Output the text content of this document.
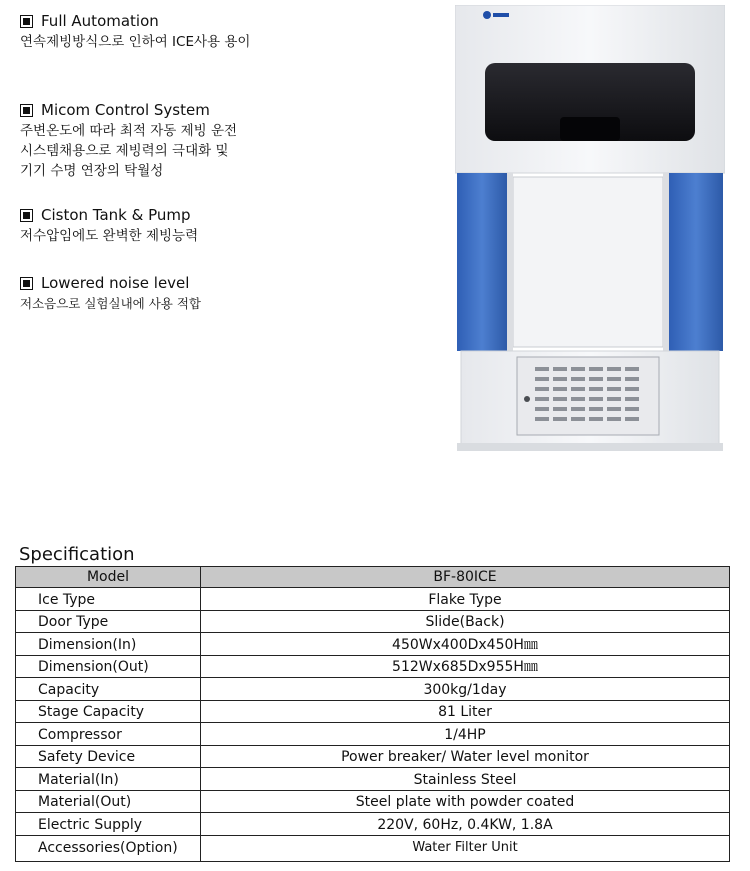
Full Automation
연속제빙방식으로 인하여 ICE사용 용이
Micom Control System
주변온도에 따라 최적 자동 제빙 운전
시스템채용으로 제빙력의 극대화 및
기기 수명 연장의 탁월성
Ciston Tank & Pump
저수압임에도 완벽한 제빙능력
Lowered noise level
저소음으로 실험실내에 사용 적합
Specification
Model	BF-80ICE
Ice Type	Flake Type
Door Type	Slide(Back)
Dimension(In)	450Wx400Dx450H㎜
Dimension(Out)	512Wx685Dx955H㎜
Capacity	300kg/1day
Stage Capacity	81 Liter
Compressor	1/4HP
Safety Device	Power breaker/ Water level monitor
Material(In)	Stainless Steel
Material(Out)	Steel plate with powder coated
Electric Supply	220V, 60Hz, 0.4KW, 1.8A
Accessories(Option)	Water Filter Unit
